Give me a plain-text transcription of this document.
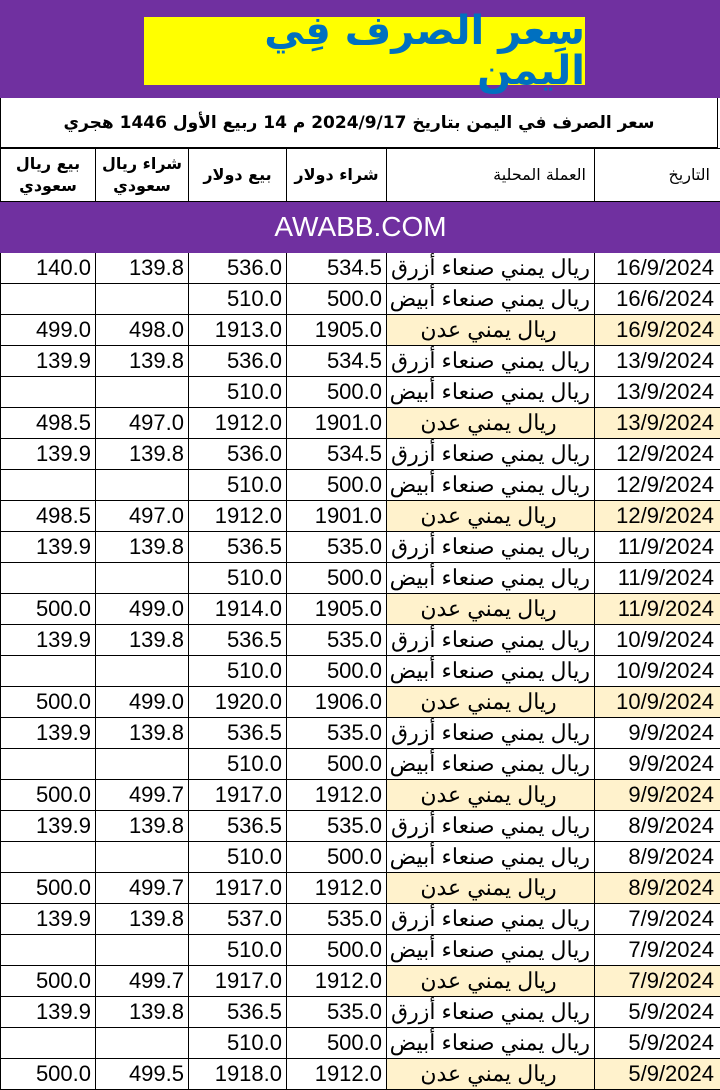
سِعر الصرف فِي اليمن
سعر الصرف في اليمن بتاريخ 2024/9/17 م 14 ربيع الأول 1446 هجري
بيع ريال سعودي	شراء ريال سعودي	بيع دولار	شراء دولار	العملة المحلية	التاريخ
AWABB.COM					
140.0	139.8	536.0	534.5	ريال يمني صنعاء أزرق	16/9/2024
		510.0	500.0	ريال يمني صنعاء أبيض	16/6/2024
499.0	498.0	1913.0	1905.0	ريال يمني عدن	16/9/2024
139.9	139.8	536.0	534.5	ريال يمني صنعاء أزرق	13/9/2024
		510.0	500.0	ريال يمني صنعاء أبيض	13/9/2024
498.5	497.0	1912.0	1901.0	ريال يمني عدن	13/9/2024
139.9	139.8	536.0	534.5	ريال يمني صنعاء أزرق	12/9/2024
		510.0	500.0	ريال يمني صنعاء أبيض	12/9/2024
498.5	497.0	1912.0	1901.0	ريال يمني عدن	12/9/2024
139.9	139.8	536.5	535.0	ريال يمني صنعاء أزرق	11/9/2024
		510.0	500.0	ريال يمني صنعاء أبيض	11/9/2024
500.0	499.0	1914.0	1905.0	ريال يمني عدن	11/9/2024
139.9	139.8	536.5	535.0	ريال يمني صنعاء أزرق	10/9/2024
		510.0	500.0	ريال يمني صنعاء أبيض	10/9/2024
500.0	499.0	1920.0	1906.0	ريال يمني عدن	10/9/2024
139.9	139.8	536.5	535.0	ريال يمني صنعاء أزرق	9/9/2024
		510.0	500.0	ريال يمني صنعاء أبيض	9/9/2024
500.0	499.7	1917.0	1912.0	ريال يمني عدن	9/9/2024
139.9	139.8	536.5	535.0	ريال يمني صنعاء أزرق	8/9/2024
		510.0	500.0	ريال يمني صنعاء أبيض	8/9/2024
500.0	499.7	1917.0	1912.0	ريال يمني عدن	8/9/2024
139.9	139.8	537.0	535.0	ريال يمني صنعاء أزرق	7/9/2024
		510.0	500.0	ريال يمني صنعاء أبيض	7/9/2024
500.0	499.7	1917.0	1912.0	ريال يمني عدن	7/9/2024
139.9	139.8	536.5	535.0	ريال يمني صنعاء أزرق	5/9/2024
		510.0	500.0	ريال يمني صنعاء أبيض	5/9/2024
500.0	499.5	1918.0	1912.0	ريال يمني عدن	5/9/2024
